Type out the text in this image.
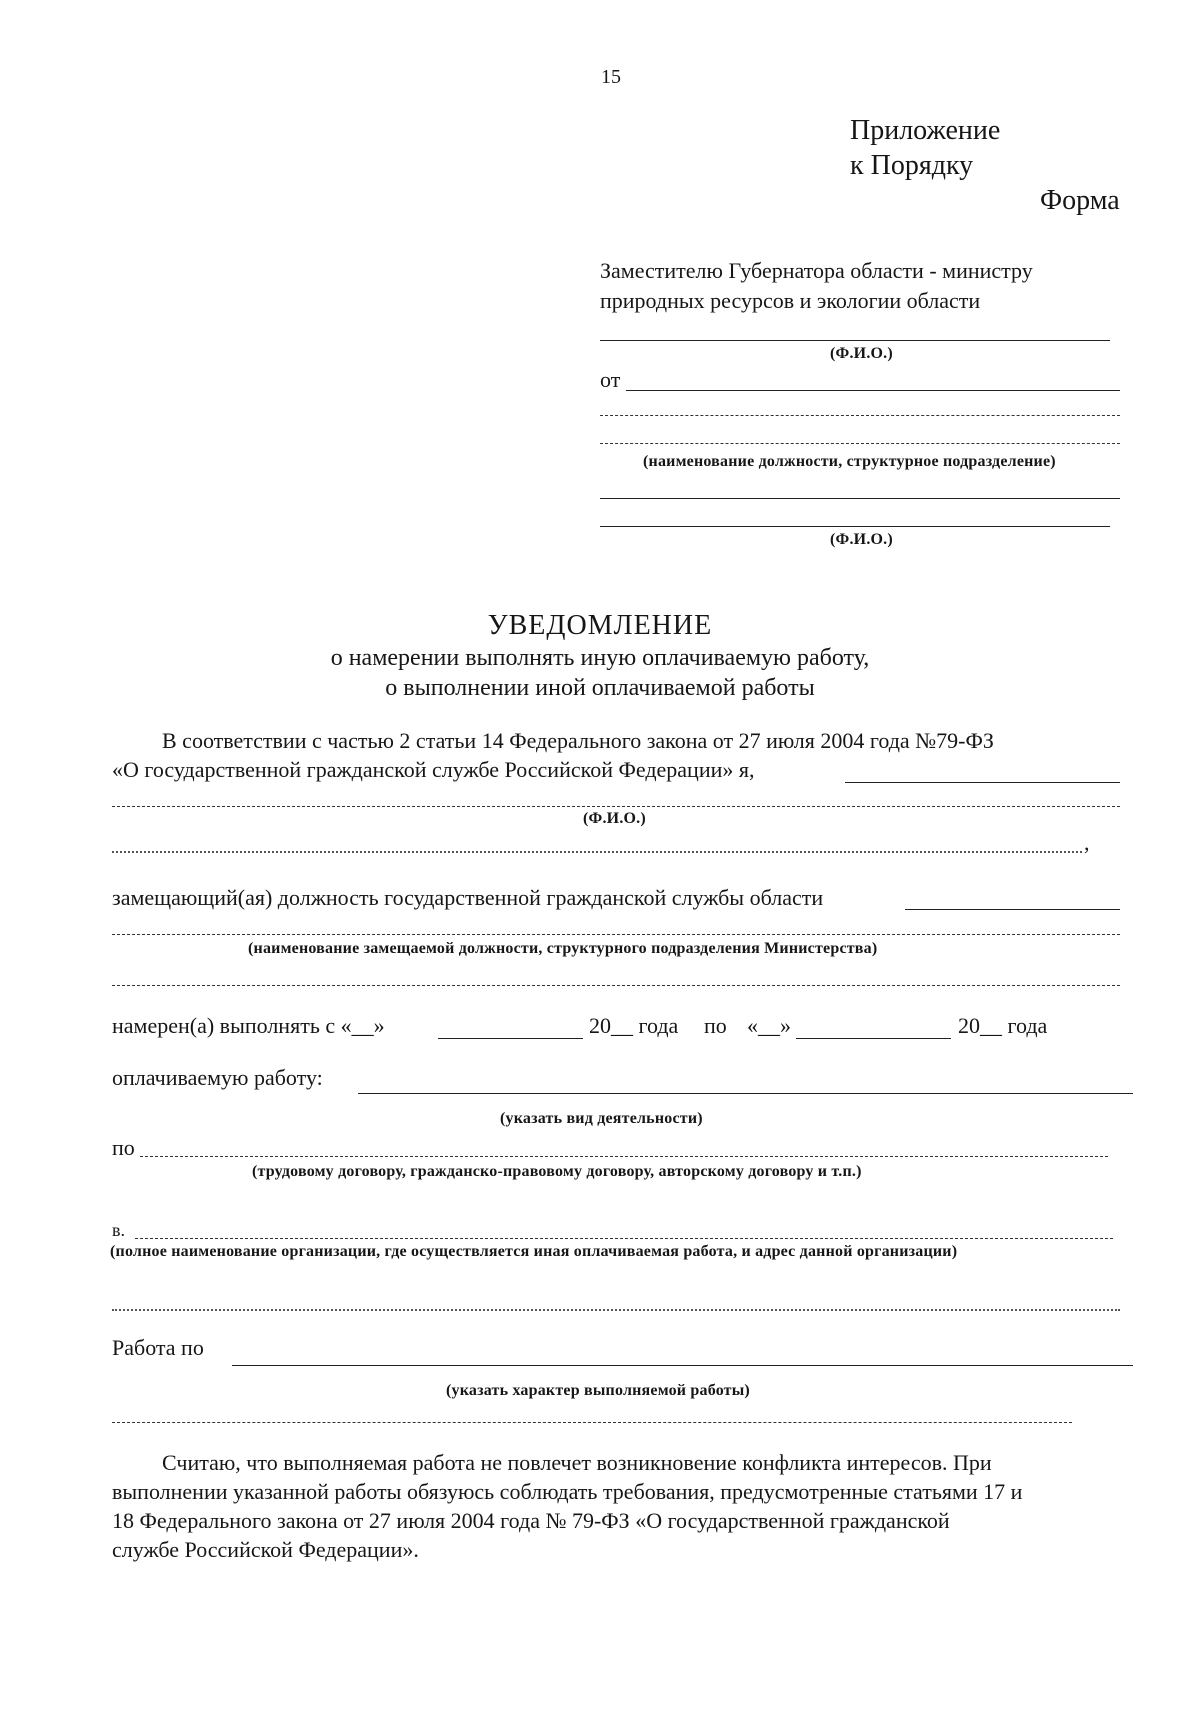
15
Приложение
к Порядку
Форма
Заместителю Губернатора области - министру
природных ресурсов и экологии области
(Ф.И.О.)
от
(наименование должности, структурное подразделение)
(Ф.И.О.)
УВЕДОМЛЕНИЕ
о намерении выполнять иную оплачиваемую работу,
о выполнении иной оплачиваемой работы
В соответствии с частью 2 статьи 14 Федерального закона от 27 июля 2004 года №79-ФЗ
«О государственной гражданской службе Российской Федерации» я,
(Ф.И.О.)
,
замещающий(ая) должность государственной гражданской службы области
(наименование замещаемой должности, структурного подразделения Министерства)
намерен(а) выполнять с «__»	20__ года по «__»	20__ года
оплачиваемую работу:
(указать вид деятельности)
по
(трудовому договору, гражданско-правовому договору, авторскому договору и т.п.)
в.
(полное наименование организации, где осуществляется иная оплачиваемая работа, и адрес данной организации)
Работа по
(указать характер выполняемой работы)
Считаю, что выполняемая работа не повлечет возникновение конфликта интересов. При
выполнении указанной работы обязуюсь соблюдать требования, предусмотренные статьями 17 и
18 Федерального закона от 27 июля 2004 года № 79-ФЗ «О государственной гражданской
службе Российской Федерации».
